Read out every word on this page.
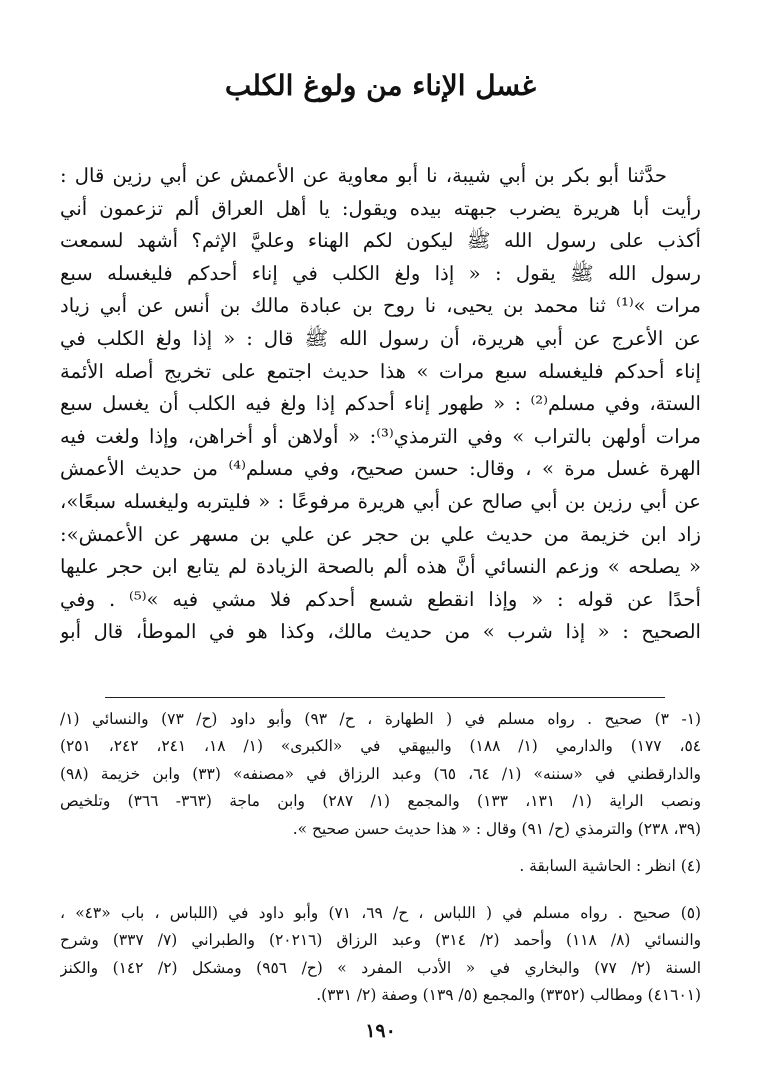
غسل الإناء من ولوغ الكلب
حدَّثنا أبو بكر بن أبي شيبة، نا أبو معاوية عن الأعمش عن أبي رزين قال :
رأيت أبا هريرة يضرب جبهته بيده ويقول: يا أهل العراق ألم تزعمون أني
أكذب على رسول الله ﷺ ليكون لكم الهناء وعليَّ الإثم؟ أشهد لسمعت
رسول الله ﷺ يقول : « إذا ولغ الكلب في إناء أحدكم فليغسله سبع
مرات »⁽¹⁾ ثنا محمد بن يحيى، نا روح بن عبادة مالك بن أنس عن أبي زياد
عن الأعرج عن أبي هريرة، أن رسول الله ﷺ قال : « إذا ولغ الكلب في
إناء أحدكم فليغسله سبع مرات » هذا حديث اجتمع على تخريج أصله الأئمة
الستة، وفي مسلم⁽²⁾ : « طهور إناء أحدكم إذا ولغ فيه الكلب أن يغسل سبع
مرات أولهن بالتراب » وفي الترمذي⁽³⁾: « أولاهن أو أخراهن، وإذا ولغت فيه
الهرة غسل مرة » ، وقال: حسن صحيح، وفي مسلم⁽⁴⁾ من حديث الأعمش
عن أبي رزين بن أبي صالح عن أبي هريرة مرفوعًا : « فليتربه وليغسله سبعًا»،
زاد ابن خزيمة من حديث علي بن حجر عن علي بن مسهر عن الأعمش»:
« يصلحه » وزعم النسائي أنَّ هذه ألم بالصحة الزيادة لم يتابع ابن حجر عليها
أحدًا عن قوله : « وإذا انقطع شسع أحدكم فلا مشي فيه »⁽⁵⁾ . وفي
الصحيح : « إذا شرب » من حديث مالك، وكذا هو في الموطأ، قال أبو
(١- ٣) صحيح . رواه مسلم في ( الطهارة ، ح/ ٩٣) وأبو داود (ح/ ٧٣) والنسائي (١/
٥٤، ١٧٧) والدارمي (١/ ١٨٨) والبيهقي في «الكبرى» (١/ ١٨، ٢٤١، ٢٤٢، ٢٥١)
والدارقطني في «سننه» (١/ ٦٤، ٦٥) وعبد الرزاق في «مصنفه» (٣٣) وابن خزيمة (٩٨)
ونصب الراية (١/ ١٣١، ١٣٣) والمجمع (١/ ٢٨٧) وابن ماجة (٣٦٣- ٣٦٦) وتلخيص
(٣٩، ٢٣٨) والترمذي (ح/ ٩١) وقال : « هذا حديث حسن صحيح ».
(٤) انظر : الحاشية السابقة .
(٥) صحيح . رواه مسلم في ( اللباس ، ح/ ٦٩، ٧١) وأبو داود في (اللباس ، باب «٤٣» ،
والنسائي (٨/ ١١٨) وأحمد (٢/ ٣١٤) وعبد الرزاق (٢٠٢١٦) والطبراني (٧/ ٣٣٧) وشرح
السنة (٢/ ٧٧) والبخاري في « الأدب المفرد » (ح/ ٩٥٦) ومشكل (٢/ ١٤٢) والكنز
(٤١٦٠١) ومطالب (٣٣٥٢) والمجمع (٥/ ١٣٩) وصفة (٢/ ٣٣١).
١٩٠
